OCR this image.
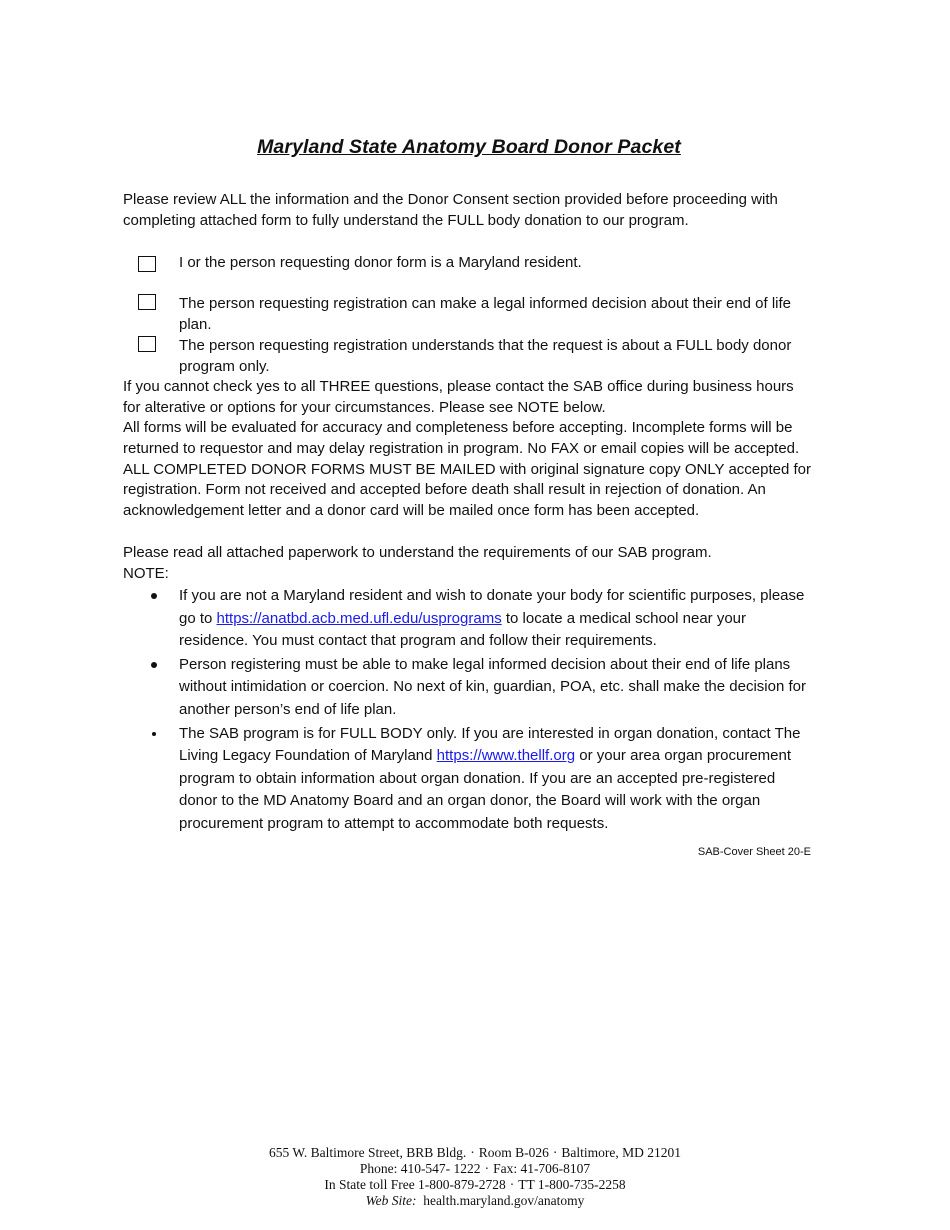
Maryland State Anatomy Board Donor Packet
Please review ALL the information and the Donor Consent section provided before proceeding with completing attached form to fully understand the FULL body donation to our program.
I or the person requesting donor form is a Maryland resident.
The person requesting registration can make a legal informed decision about their end of life plan.
The person requesting registration understands that the request is about a FULL body donor program only.
If you cannot check yes to all THREE questions, please contact the SAB office during business hours for alterative or options for your circumstances. Please see NOTE below.
All forms will be evaluated for accuracy and completeness before accepting. Incomplete forms will be returned to requestor and may delay registration in program. No FAX or email copies will be accepted. ALL COMPLETED DONOR FORMS MUST BE MAILED with original signature copy ONLY accepted for registration. Form not received and accepted before death shall result in rejection of donation. An acknowledgement letter and a donor card will be mailed once form has been accepted.
Please read all attached paperwork to understand the requirements of our SAB program.
NOTE:
If you are not a Maryland resident and wish to donate your body for scientific purposes, please go to https://anatbd.acb.med.ufl.edu/usprograms to locate a medical school near your residence. You must contact that program and follow their requirements.
Person registering must be able to make legal informed decision about their end of life plans without intimidation or coercion. No next of kin, guardian, POA, etc. shall make the decision for another person’s end of life plan.
The SAB program is for FULL BODY only. If you are interested in organ donation, contact The Living Legacy Foundation of Maryland https://www.thellf.org or your area organ procurement program to obtain information about organ donation. If you are an accepted pre-registered donor to the MD Anatomy Board and an organ donor, the Board will work with the organ procurement program to attempt to accommodate both requests.
SAB-Cover Sheet 20-E
655 W. Baltimore Street, BRB Bldg. · Room B-026 · Baltimore, MD 21201
Phone: 410-547- 1222 · Fax: 41-706-8107
In State toll Free 1-800-879-2728 · TT 1-800-735-2258
Web Site: health.maryland.gov/anatomy
